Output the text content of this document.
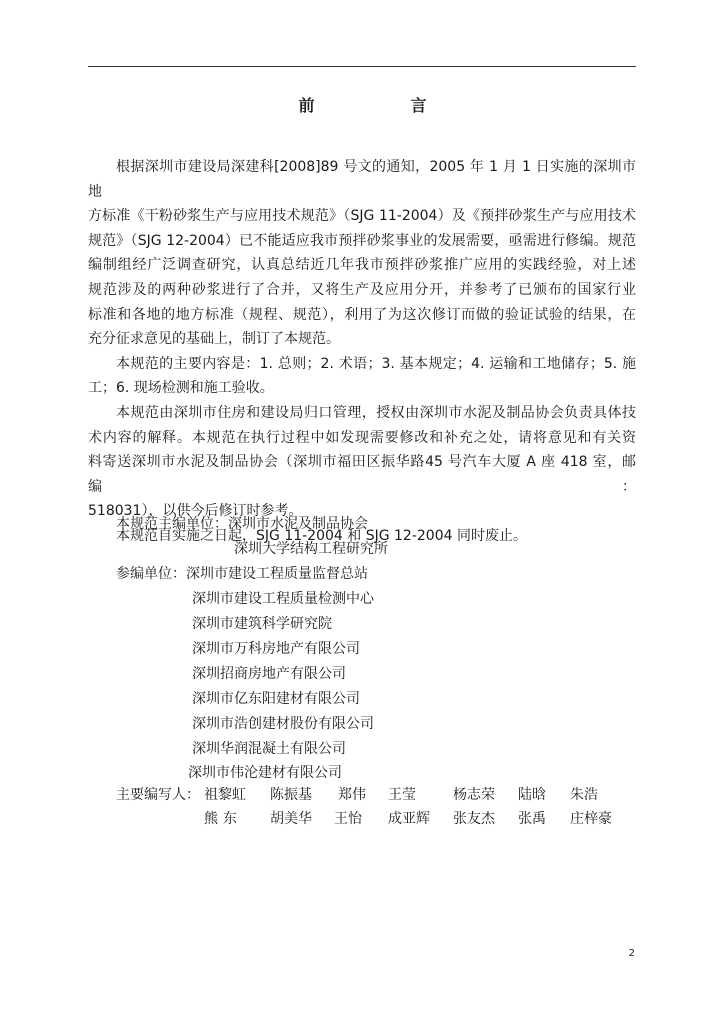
前　言

根据深圳市建设局深建科[2008]89 号文的通知，2005 年 1 月 1 日实施的深圳市地
方标准《干粉砂浆生产与应用技术规范》（SJG 11-2004）及《预拌砂浆生产与应用技术
规范》（SJG 12-2004）已不能适应我市预拌砂浆事业的发展需要，亟需进行修编。规范
编制组经广泛调查研究，认真总结近几年我市预拌砂浆推广应用的实践经验，对上述
规范涉及的两种砂浆进行了合并，又将生产及应用分开，并参考了已颁布的国家行业
标准和各地的地方标准（规程、规范），利用了为这次修订而做的验证试验的结果，在
充分征求意见的基础上，制订了本规范。

本规范的主要内容是：1. 总则；2. 术语；3. 基本规定；4. 运输和工地储存；5. 施
工；6. 现场检测和施工验收。

本规范由深圳市住房和建设局归口管理，授权由深圳市水泥及制品协会负责具体技
术内容的解释。本规范在执行过程中如发现需要修改和补充之处，请将意见和有关资
料寄送深圳市水泥及制品协会（深圳市福田区振华路45 号汽车大厦 A 座 418 室，邮编：
518031），以供今后修订时参考。

本规范自实施之日起，SJG 11-2004 和 SJG 12-2004 同时废止。

本规范主编单位：深圳市水泥及制品协会
深圳大学结构工程研究所
参编单位：深圳市建设工程质量监督总站
深圳市建设工程质量检测中心
深圳市建筑科学研究院
深圳市万科房地产有限公司
深圳招商房地产有限公司
深圳市亿东阳建材有限公司
深圳市浩创建材股份有限公司
深圳华润混凝土有限公司
深圳市伟沦建材有限公司
主要编写人： 祖黎虹 陈振基 郑伟 王莹	杨志荣 陆晗 朱浩
熊东 胡美华 王怡 成亚辉 张友杰 张禹 庄梓豪
2
